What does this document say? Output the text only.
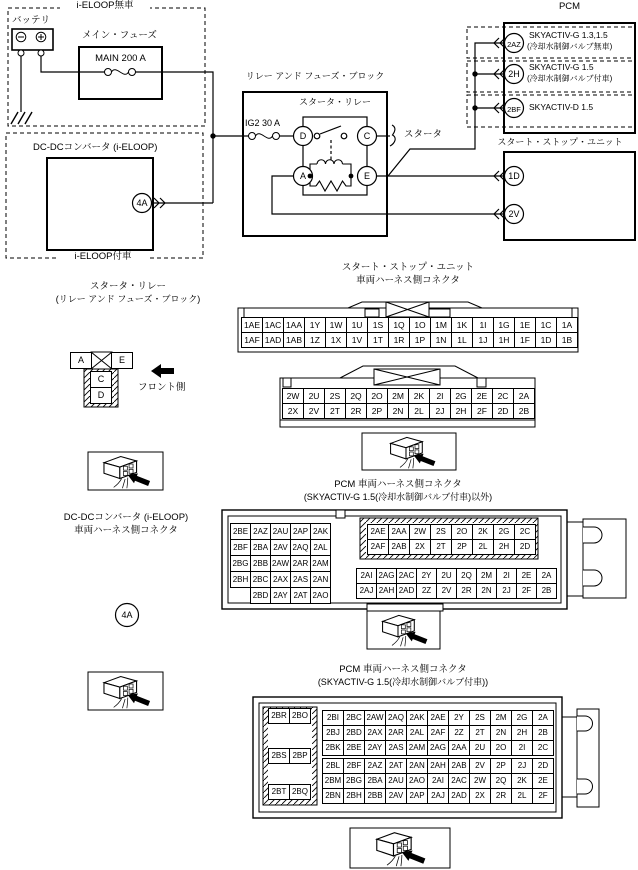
i-ELOOP無車
バッテリ
メイン・フューズ
MAIN 200 A
DC-DCコンバータ (i-ELOOP)
i-ELOOP付車
リレー アンド フューズ・ブロック
スタータ・リレー
IG2 30 A
スタータ
PCM
SKYACTIV-G 1.3,1.5
(冷却水制御バルブ無車)
SKYACTIV-G 1.5
(冷却水制御バルブ付車)
SKYACTIV-D 1.5
スタート・ストップ・ユニット
D	C
A	E
4A
2AZ
2H
2BF
1D
2V
4A
スタート・ストップ・ユニット
車両ハーネス側コネクタ
スタータ・リレー
(リレー アンド フューズ・ブロック)
フロント側
PCM 車両ハーネス側コネクタ
(SKYACTIV-G 1.5(冷却水制御バルブ付車)以外)
DC-DCコンバータ (i-ELOOP)
車両ハーネス側コネクタ
PCM 車両ハーネス側コネクタ
(SKYACTIV-G 1.5(冷却水制御バルブ付車))
A	E
C
D
1AE	1AC	1AA	1Y	1W	1U	1S	1Q	1O	1M	1K	1I	1G	1E	1C	1A
1AF	1AD	1AB	1Z	1X	1V	1T	1R	1P	1N	1L	1J	1H	1F	1D	1B
2W	2U	2S	2Q	2O	2M	2K	2I	2G	2E	2C	2A
2X	2V	2T	2R	2P	2N	2L	2J	2H	2F	2D	2B
2BE	2AZ	2AU	2AP	2AK
2BF	2BA	2AV	2AQ	2AL
2BG	2BB	2AW	2AR	2AM
2BH	2BC	2AX	2AS	2AN
	2BD	2AY	2AT	2AO
2AE	2AA	2W	2S	2O	2K	2G	2C
2AF	2AB	2X	2T	2P	2L	2H	2D
2AI	2AG	2AC	2Y	2U	2Q	2M	2I	2E	2A
2AJ	2AH	2AD	2Z	2V	2R	2N	2J	2F	2B
2BR	2BO
2BS	2BP
2BT	2BQ
2BI	2BC	2AW	2AQ	2AK	2AE	2Y	2S	2M	2G	2A
2BJ	2BD	2AX	2AR	2AL	2AF	2Z	2T	2N	2H	2B
2BK	2BE	2AY	2AS	2AM	2AG	2AA	2U	2O	2I	2C
2BL	2BF	2AZ	2AT	2AN	2AH	2AB	2V	2P	2J	2D
2BM	2BG	2BA	2AU	2AO	2AI	2AC	2W	2Q	2K	2E
2BN	2BH	2BB	2AV	2AP	2AJ	2AD	2X	2R	2L	2F
